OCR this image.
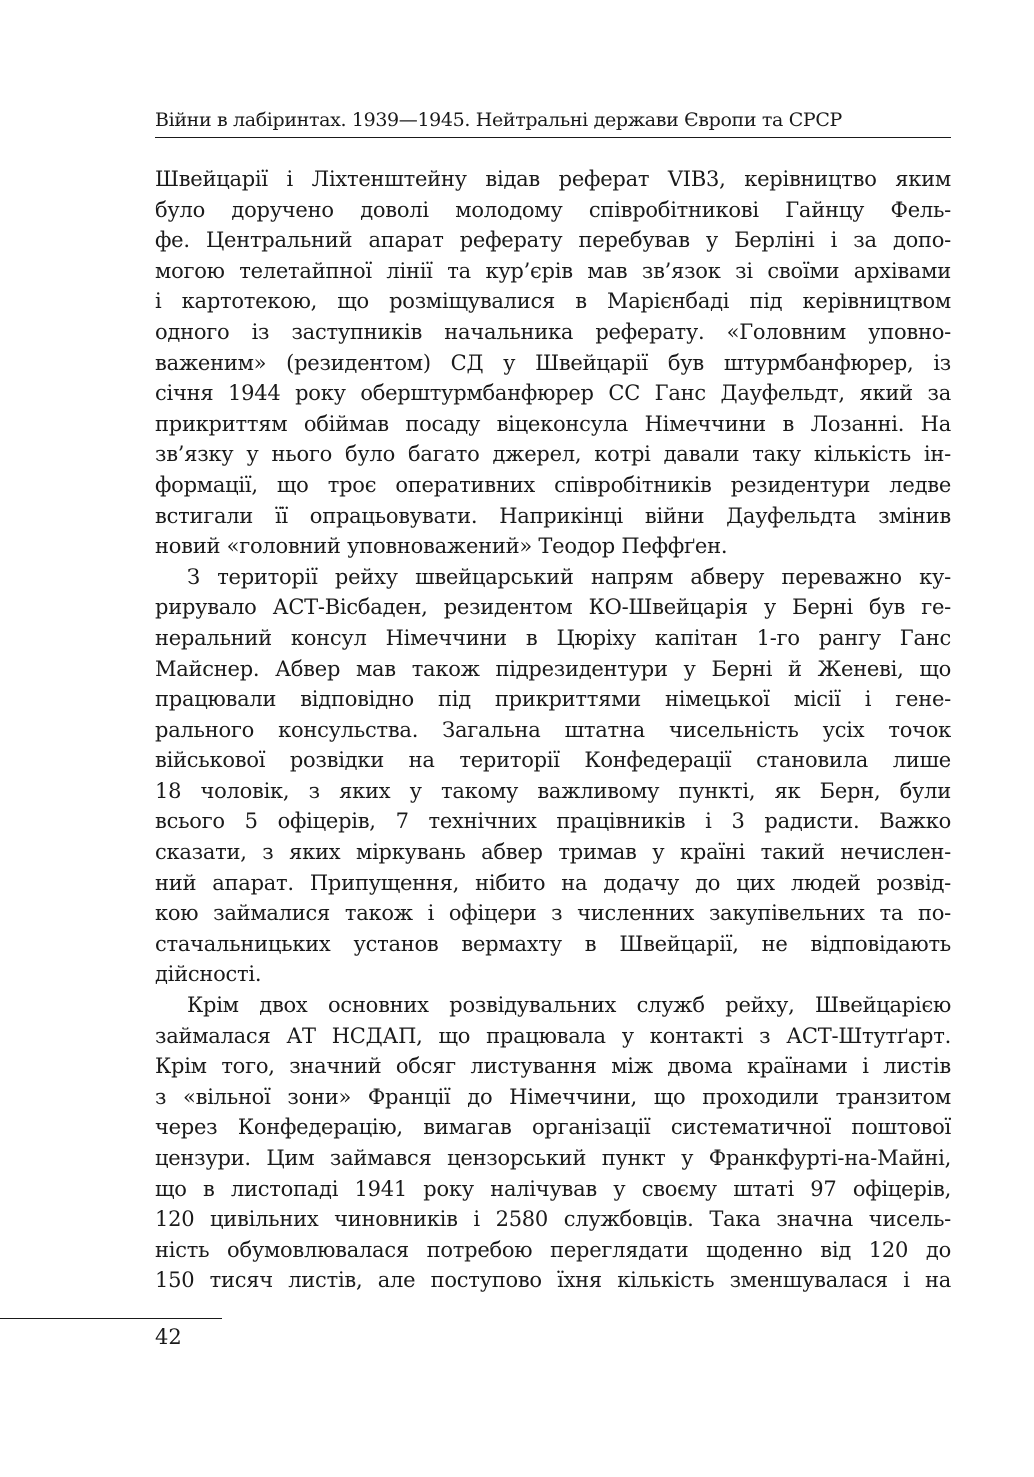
Війни в лабіринтах. 1939—1945. Нейтральні держави Європи та СРСР
Швейцарії і Ліхтенштейну відав реферат VIВ3, керівництво яким
було доручено доволі молодому співробітникові Гайнцу Фель-
фе. Центральний апарат реферату перебував у Берліні і за допо-
могою телетайпної лінії та кур’єрів мав зв’язок зі своїми архівами
і картотекою, що розміщувалися в Марієнбаді під керівництвом
одного із заступників начальника реферату. «Головним уповно-
важеним» (резидентом) СД у Швейцарії був штурмбанфюрер, із
січня 1944 року оберштурмбанфюрер СС Ганс Дауфельдт, який за
прикриттям обіймав посаду віцеконсула Німеччини в Лозанні. На
зв’язку у нього було багато джерел, котрі давали таку кількість ін-
формації, що троє оперативних співробітників резидентури ледве
встигали її опрацьовувати. Наприкінці війни Дауфельдта змінив
новий «головний уповноважений» Теодор Пеффґен.
З території рейху швейцарський напрям абверу переважно ку-
рирувало АСТ-Вісбаден, резидентом КО-Швейцарія у Берні був ге-
неральний консул Німеччини в Цюріху капітан 1-го рангу Ганс
Майснер. Абвер мав також підрезидентури у Берні й Женеві, що
працювали відповідно під прикриттями німецької місії і гене-
рального консульства. Загальна штатна чисельність усіх точок
військової розвідки на території Конфедерації становила лише
18 чоловік, з яких у такому важливому пункті, як Берн, були
всього 5 офіцерів, 7 технічних працівників і 3 радисти. Важко
сказати, з яких міркувань абвер тримав у країні такий нечислен-
ний апарат. Припущення, нібито на додачу до цих людей розвід-
кою займалися також і офіцери з численних закупівельних та по-
стачальницьких установ вермахту в Швейцарії, не відповідають
дійсності.
Крім двох основних розвідувальних служб рейху, Швейцарією
займалася АТ НСДАП, що працювала у контакті з АСТ-Штутґарт.
Крім того, значний обсяг листування між двома країнами і листів
з «вільної зони» Франції до Німеччини, що проходили транзитом
через Конфедерацію, вимагав організації систематичної поштової
цензури. Цим займався цензорський пункт у Франкфурті-на-Майні,
що в листопаді 1941 року налічував у своєму штаті 97 офіцерів,
120 цивільних чиновників і 2580 службовців. Така значна чисель-
ність обумовлювалася потребою переглядати щоденно від 120 до
150 тисяч листів, але поступово їхня кількість зменшувалася і на
42
